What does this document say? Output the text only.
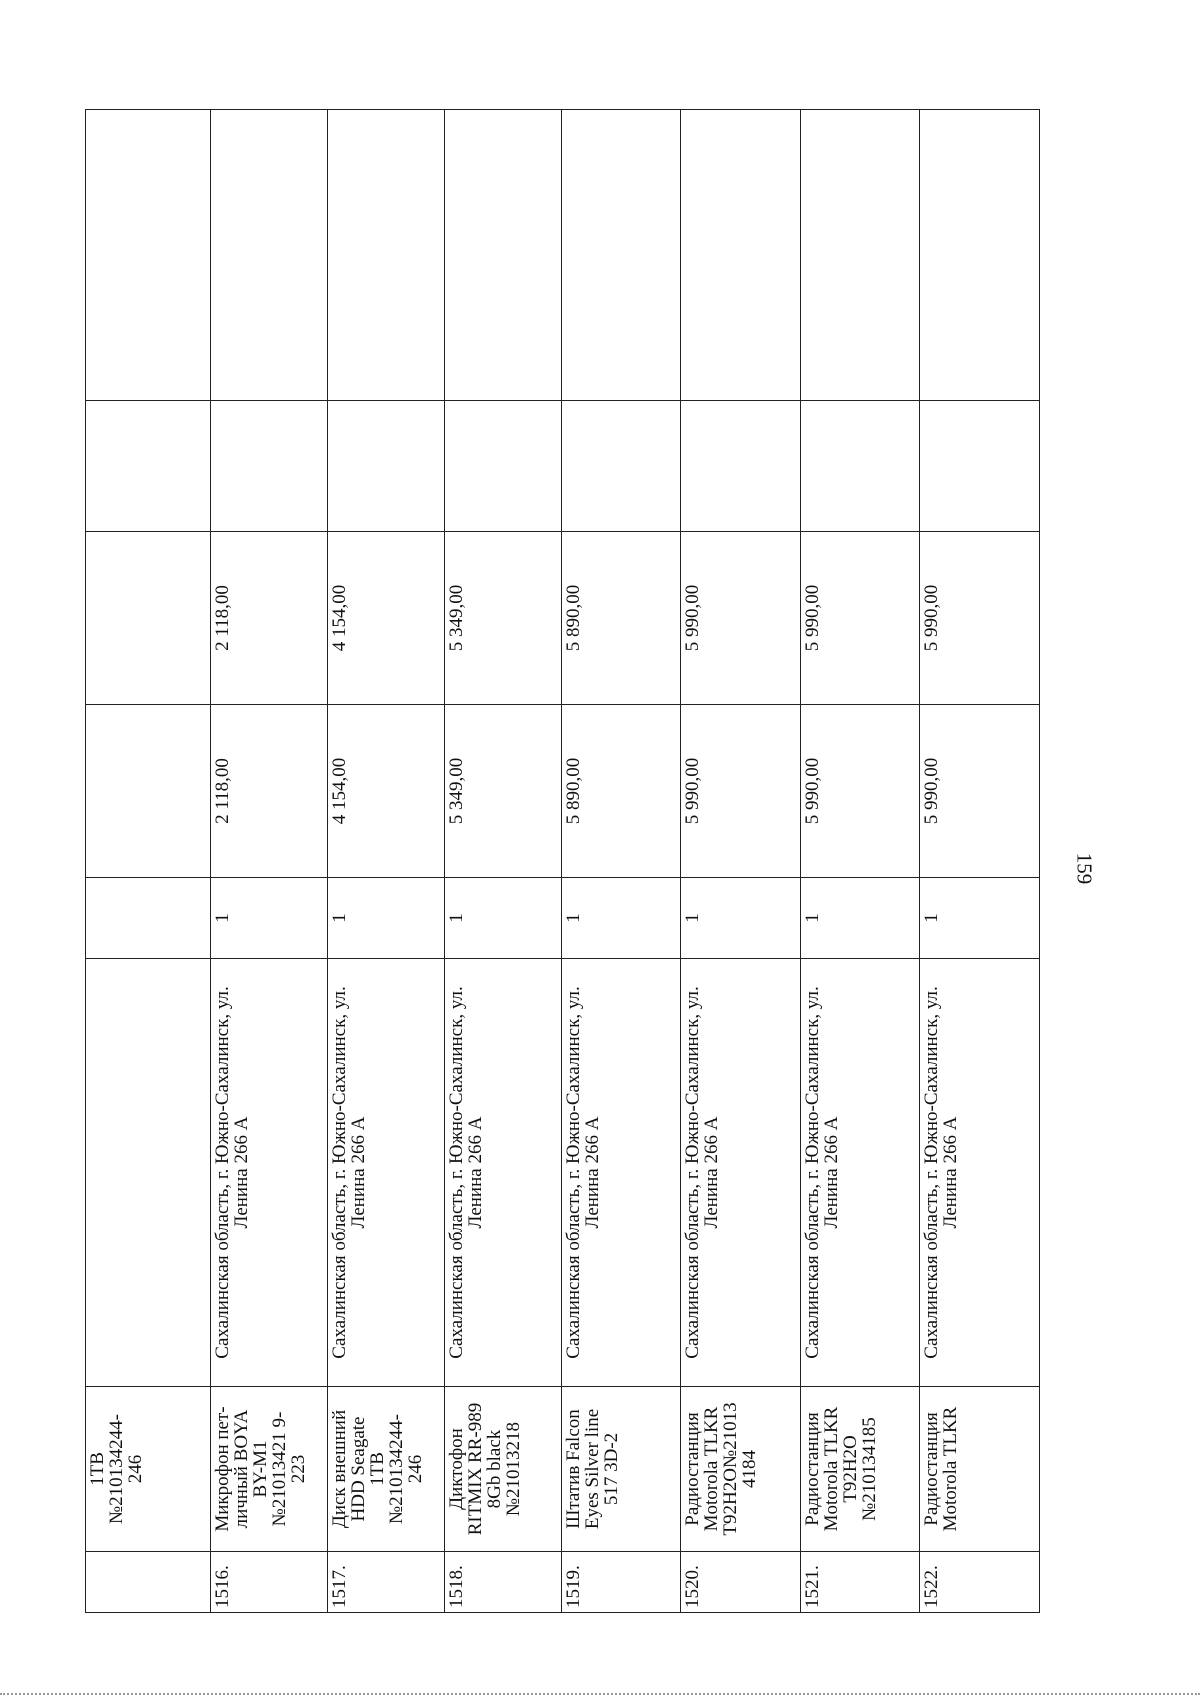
159

	1ТВ
№210134244-
246						

1516.	Микрофон пет-
личный BOYA
BY-M1
№21013421 9-
223	Сахалинская область, г. Южно-Сахалинск, ул.
Ленина 266 А	1	2 118,00	2 118,00		
1517.	Диск внешний
HDD Seagate
1TB
№210134244-
246	Сахалинская область, г. Южно-Сахалинск, ул.
Ленина 266 А	1	4 154,00	4 154,00		
1518.	Диктофон
RITMIX RR-989
8Gb black
№21013218	Сахалинская область, г. Южно-Сахалинск, ул.
Ленина 266 А	1	5 349,00	5 349,00		
1519.	Штатив Falcon
Eyes Silver line
517 3D-2	Сахалинская область, г. Южно-Сахалинск, ул.
Ленина 266 А	1	5 890,00	5 890,00		
1520.	Радиостанция
Motorola TLKR
T92H2O№21013
4184	Сахалинская область, г. Южно-Сахалинск, ул.
Ленина 266 А	1	5 990,00	5 990,00		
1521.	Радиостанция
Motorola TLKR
T92H2O
№210134185	Сахалинская область, г. Южно-Сахалинск, ул.
Ленина 266 А	1	5 990,00	5 990,00		
1522.	Радиостанция
Motorola TLKR	Сахалинская область, г. Южно-Сахалинск, ул.
Ленина 266 А	1	5 990,00	5 990,00		
